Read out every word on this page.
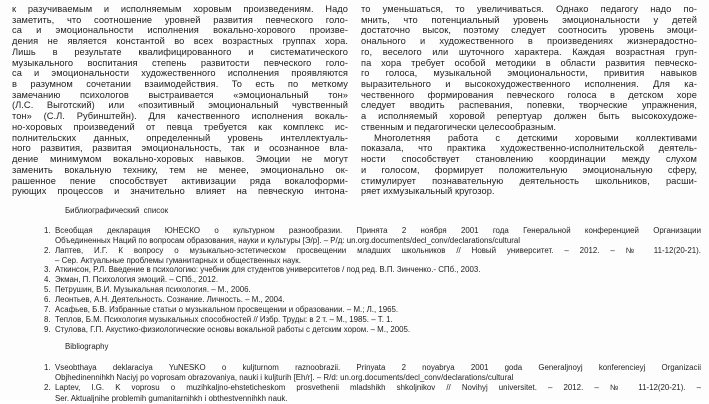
к разучиваемым и исполняемым хоровым произведениям. Надо
заметить, что соотношение уровней развития певческого голо-
са и эмоциональности исполнения вокально-хорового произве-
дения не является константой во всех возрастных группах хора.
Лишь в результате квалифицированного и систематического
музыкального воспитания степень развитости певческого голо-
са и эмоциональности художественного исполнения проявляются
в разумном сочетании взаимодействия. То есть по меткому
замечанию психологов выстраивается «эмоциональный тон»
(Л.С. Выготский) или «позитивный эмоциональный чувственный
тон» (С.Л. Рубинштейн). Для качественного исполнения вокаль-
но-хоровых произведений от певца требуется как комплекс ис-
полнительских данных, определенный уровень интеллектуаль-
ного развития, развитая эмоциональность, так и осознанное вла-
дение минимумом вокально-хоровых навыков. Эмоции не могут
заменить вокальную технику, тем не менее, эмоционально ок-
рашенное пение способствует активизации ряда вокалоформи-
рующих процессов и значительно влияет на певческую интона-
то уменьшаться, то увеличиваться. Однако педагогу надо по-
мнить, что потенциальный уровень эмоциональности у детей
достаточно высок, поэтому следует соотносить уровень эмоци-
онального и художественного в произведениях жизнерадостно-
го, веселого или шуточного характера. Каждая возрастная груп-
па хора требует особой методики в области развития певческо-
го голоса, музыкальной эмоциональности, привития навыков
выразительного и высокохудожественного исполнения. Для ка-
чественного формирования певческого голоса в детском хоре
следует вводить распевания, попевки, творческие упражнения,
а исполняемый хоровой репертуар должен быть высокохудоже-
ственным и педагогически целесообразным.
Многолетняя работа с детскими хоровыми коллективами
показала, что практика художественно-исполнительской деятель-
ности способствует становлению координации между слухом
и голосом, формирует положительную эмоциональную сферу,
стимулирует познавательную деятельность школьников, расши-
ряет ихмузыкальный кругозор.
Библиографический список
1. Всеобщая декларация ЮНЕСКО о культурном разнообразии. Принята 2 ноября 2001 года Генеральной конференцией Организации
Объединенных Наций по вопросам образования, науки и культуры [Э/р]. – Р/д: un.org.documents/decl_conv/declarations/cultural
2. Лаптев, И.Г. К вопросу о музыкально-эстетическом просвещении младших школьников // Новый университет. – 2012. – № 11-12(20-21).
– Сер. Актуальные проблемы гуманитарных и общественных наук.
3. Аткинсон, Р.Л. Введение в психологию: учебник для студентов университетов / под ред. В.П. Зинченко.- СПб., 2003.
4. Экман, П. Психология эмоций. – СПб., 2012.
5. Петрушин, В.И. Музыкальная психология. – М., 2006.
6. Леонтьев, А.Н. Деятельность. Сознание. Личность. – М., 2004.
7. Асафьев, Б.В. Избранные статьи о музыкальном просвещении и образовании. – М.; Л., 1965.
8. Теплов, Б.М. Психология музыкальных способностей // Избр. Труды: в 2 т. – М., 1985. – Т. 1.
9. Стулова, Г.П. Акустико-физиологические основы вокальной работы с детским хором. – М., 2005.
Bibliography
1. Vseobthaya deklaraciya YuNESKO o kuljturnom raznoobrazii. Prinyata 2 noyabrya 2001 goda Generaljnoyj konferencieyj Organizacii
Objhedinennihkh Naciyj po voprosam obrazovaniya, nauki i kuljturih [Eh/r]. – R/d: un.org.documents/decl_conv/declarations/cultural
2. Laptev, I.G. K voprosu o muzihkaljno-ehsteticheskom prosvethenii mladshikh shkoljnikov // Novihyj universitet. – 2012. – № 11-12(20-21). –
Ser. Aktualjnihe problemih gumanitarnihkh i obthestvennihkh nauk.
